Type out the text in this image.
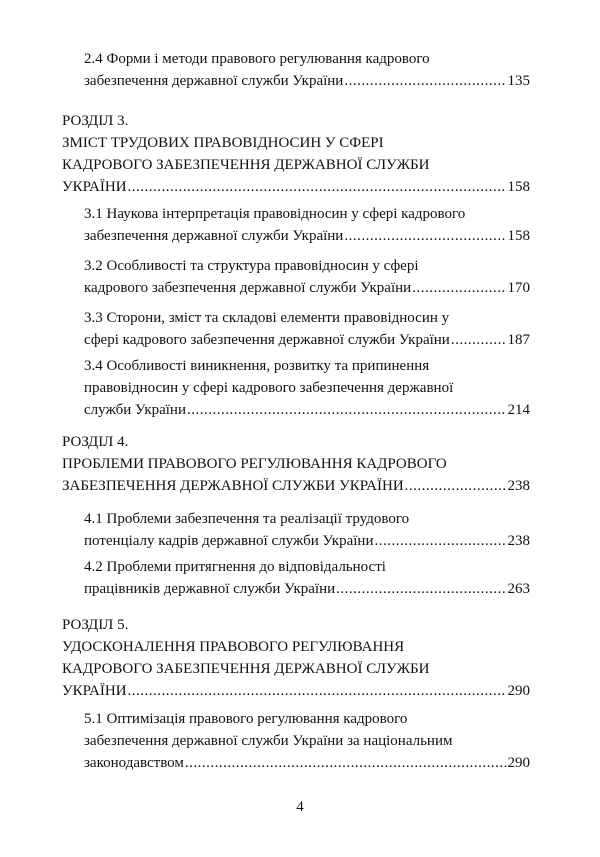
2.4 Форми і методи правового регулювання кадрового
забезпечення державної служби України .....	135
РОЗДІЛ 3.
ЗМІСТ ТРУДОВИХ ПРАВОВІДНОСИН У СФЕРІ
КАДРОВОГО ЗАБЕЗПЕЧЕННЯ ДЕРЖАВНОЇ СЛУЖБИ
УКРАЇНИ .....	158
3.1 Наукова інтерпретація правовідносин у сфері кадрового
забезпечення державної служби України .....	158
3.2 Особливості та структура правовідносин у сфері
кадрового забезпечення державної служби України .....	170
3.3 Сторони, зміст та складові елементи правовідносин у
сфері кадрового забезпечення державної служби України .....	187
3.4 Особливості виникнення, розвитку та припинення
правовідносин у сфері кадрового забезпечення державної
служби України .....	214
РОЗДІЛ 4.
ПРОБЛЕМИ ПРАВОВОГО РЕГУЛЮВАННЯ КАДРОВОГО
ЗАБЕЗПЕЧЕННЯ ДЕРЖАВНОЇ СЛУЖБИ УКРАЇНИ .....	238
4.1 Проблеми забезпечення та реалізації трудового
потенціалу кадрів державної служби України .....	238
4.2 Проблеми притягнення до відповідальності
працівників державної служби України .....	263
РОЗДІЛ 5.
УДОСКОНАЛЕННЯ ПРАВОВОГО РЕГУЛЮВАННЯ
КАДРОВОГО ЗАБЕЗПЕЧЕННЯ ДЕРЖАВНОЇ СЛУЖБИ
УКРАЇНИ .....	290
5.1 Оптимізація правового регулювання кадрового
забезпечення державної служби України за національним
законодавством .....	290
4
